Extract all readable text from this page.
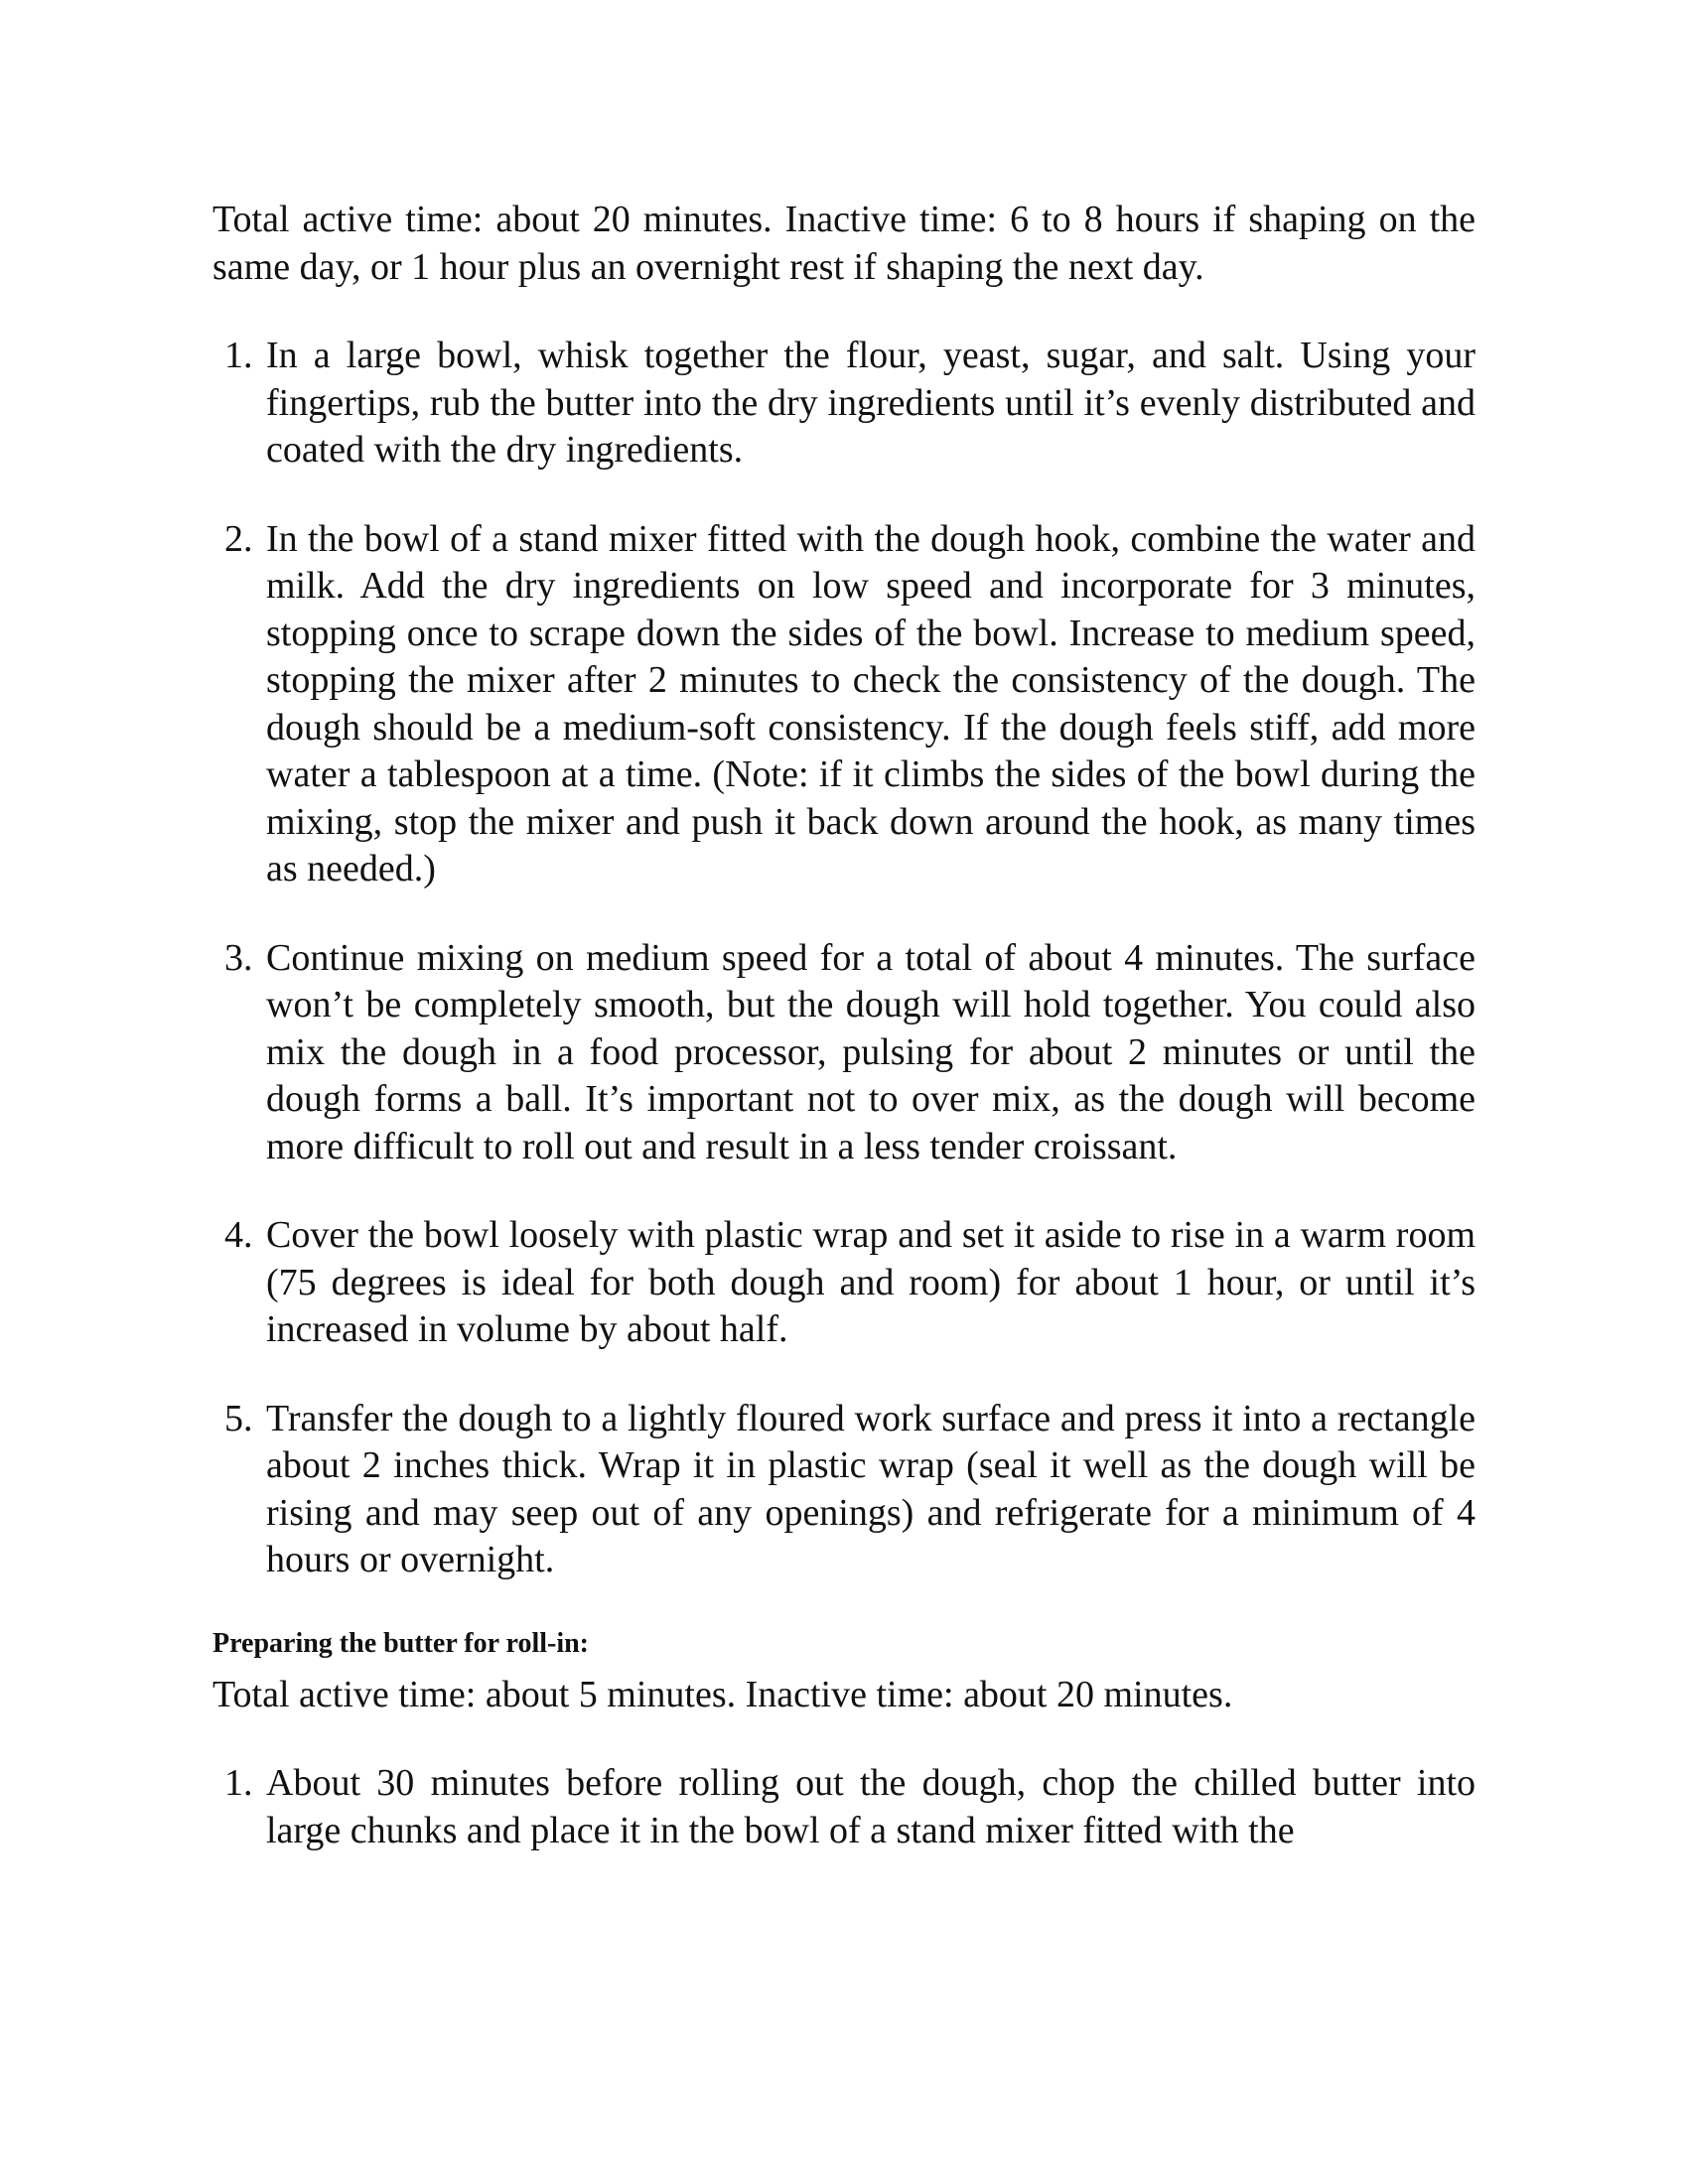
Total active time: about 20 minutes. Inactive time: 6 to 8 hours if shaping on the same day, or 1 hour plus an overnight rest if shaping the next day.

1. In a large bowl, whisk together the flour, yeast, sugar, and salt. Using your fingertips, rub the butter into the dry ingredients until it’s evenly distributed and coated with the dry ingredients.
2. In the bowl of a stand mixer fitted with the dough hook, combine the water and milk. Add the dry ingredients on low speed and incorporate for 3 minutes, stopping once to scrape down the sides of the bowl. Increase to medium speed, stopping the mixer after 2 minutes to check the consistency of the dough. The dough should be a medium-soft consistency. If the dough feels stiff, add more water a tablespoon at a time. (Note: if it climbs the sides of the bowl during the mixing, stop the mixer and push it back down around the hook, as many times as needed.)
3. Continue mixing on medium speed for a total of about 4 minutes. The surface won’t be completely smooth, but the dough will hold together. You could also mix the dough in a food processor, pulsing for about 2 minutes or until the dough forms a ball. It’s important not to over mix, as the dough will become more difficult to roll out and result in a less tender croissant.
4. Cover the bowl loosely with plastic wrap and set it aside to rise in a warm room (75 degrees is ideal for both dough and room) for about 1 hour, or until it’s increased in volume by about half.
5. Transfer the dough to a lightly floured work surface and press it into a rectangle about 2 inches thick. Wrap it in plastic wrap (seal it well as the dough will be rising and may seep out of any openings) and refrigerate for a minimum of 4 hours or overnight.

Preparing the butter for roll-in:

Total active time: about 5 minutes. Inactive time: about 20 minutes.

1. About 30 minutes before rolling out the dough, chop the chilled butter into large chunks and place it in the bowl of a stand mixer fitted with the
